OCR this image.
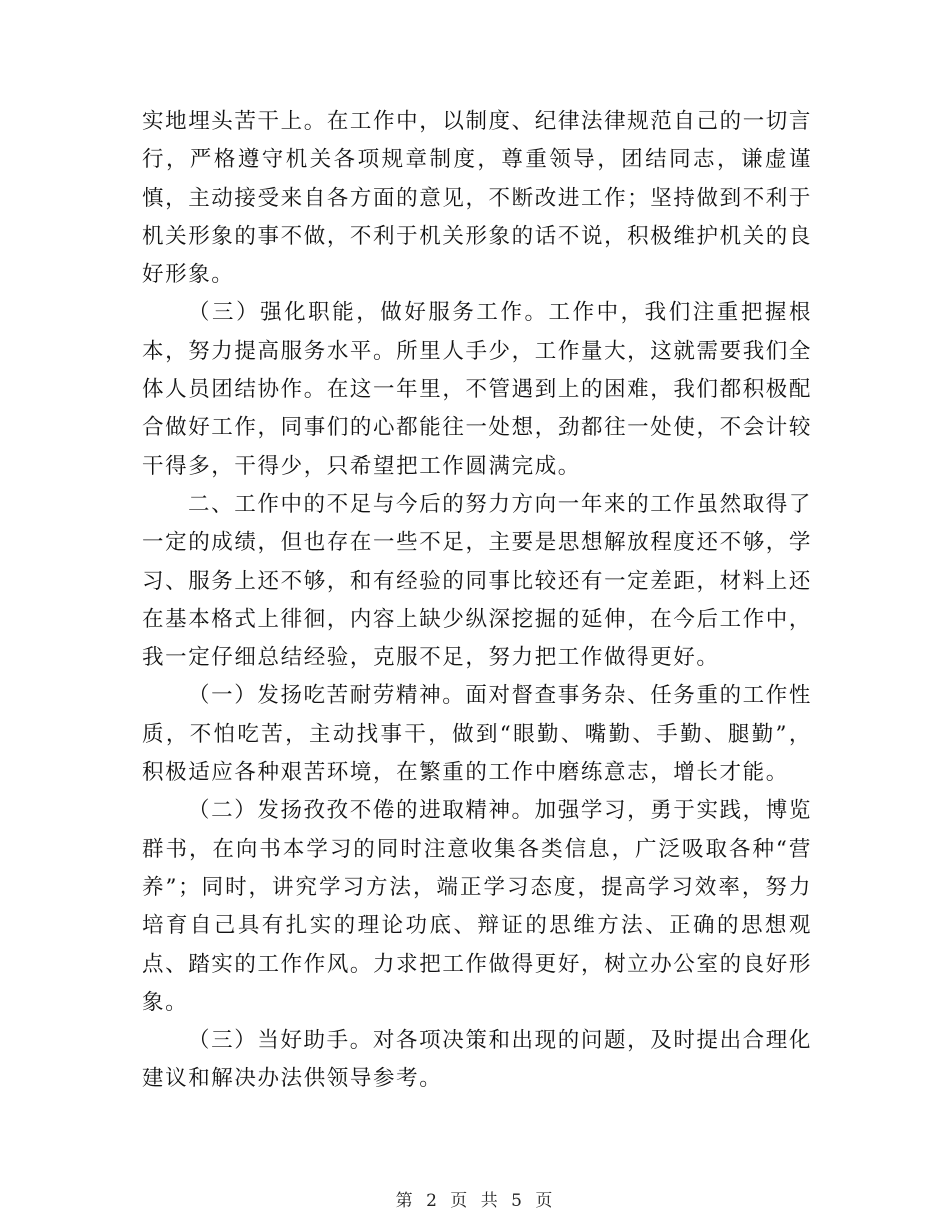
实地埋头苦干上。在工作中，以制度、纪律法律规范自己的一切言行，严格遵守机关各项规章制度，尊重领导，团结同志，谦虚谨慎，主动接受来自各方面的意见，不断改进工作；坚持做到不利于机关形象的事不做，不利于机关形象的话不说，积极维护机关的良好形象。

（三）强化职能，做好服务工作。工作中，我们注重把握根本，努力提高服务水平。所里人手少，工作量大，这就需要我们全体人员团结协作。在这一年里，不管遇到上的困难，我们都积极配合做好工作，同事们的心都能往一处想，劲都往一处使，不会计较干得多，干得少，只希望把工作圆满完成。

二、工作中的不足与今后的努力方向一年来的工作虽然取得了一定的成绩，但也存在一些不足，主要是思想解放程度还不够，学习、服务上还不够，和有经验的同事比较还有一定差距，材料上还在基本格式上徘徊，内容上缺少纵深挖掘的延伸，在今后工作中，我一定仔细总结经验，克服不足，努力把工作做得更好。

（一）发扬吃苦耐劳精神。面对督查事务杂、任务重的工作性质，不怕吃苦，主动找事干，做到“眼勤、嘴勤、手勤、腿勤”，积极适应各种艰苦环境，在繁重的工作中磨练意志，增长才能。

（二）发扬孜孜不倦的进取精神。加强学习，勇于实践，博览群书，在向书本学习的同时注意收集各类信息，广泛吸取各种“营养”；同时，讲究学习方法，端正学习态度，提高学习效率，努力培育自己具有扎实的理论功底、辩证的思维方法、正确的思想观点、踏实的工作作风。力求把工作做得更好，树立办公室的良好形象。

（三）当好助手。对各项决策和出现的问题，及时提出合理化建议和解决办法供领导参考。

第 2 页 共 5 页
